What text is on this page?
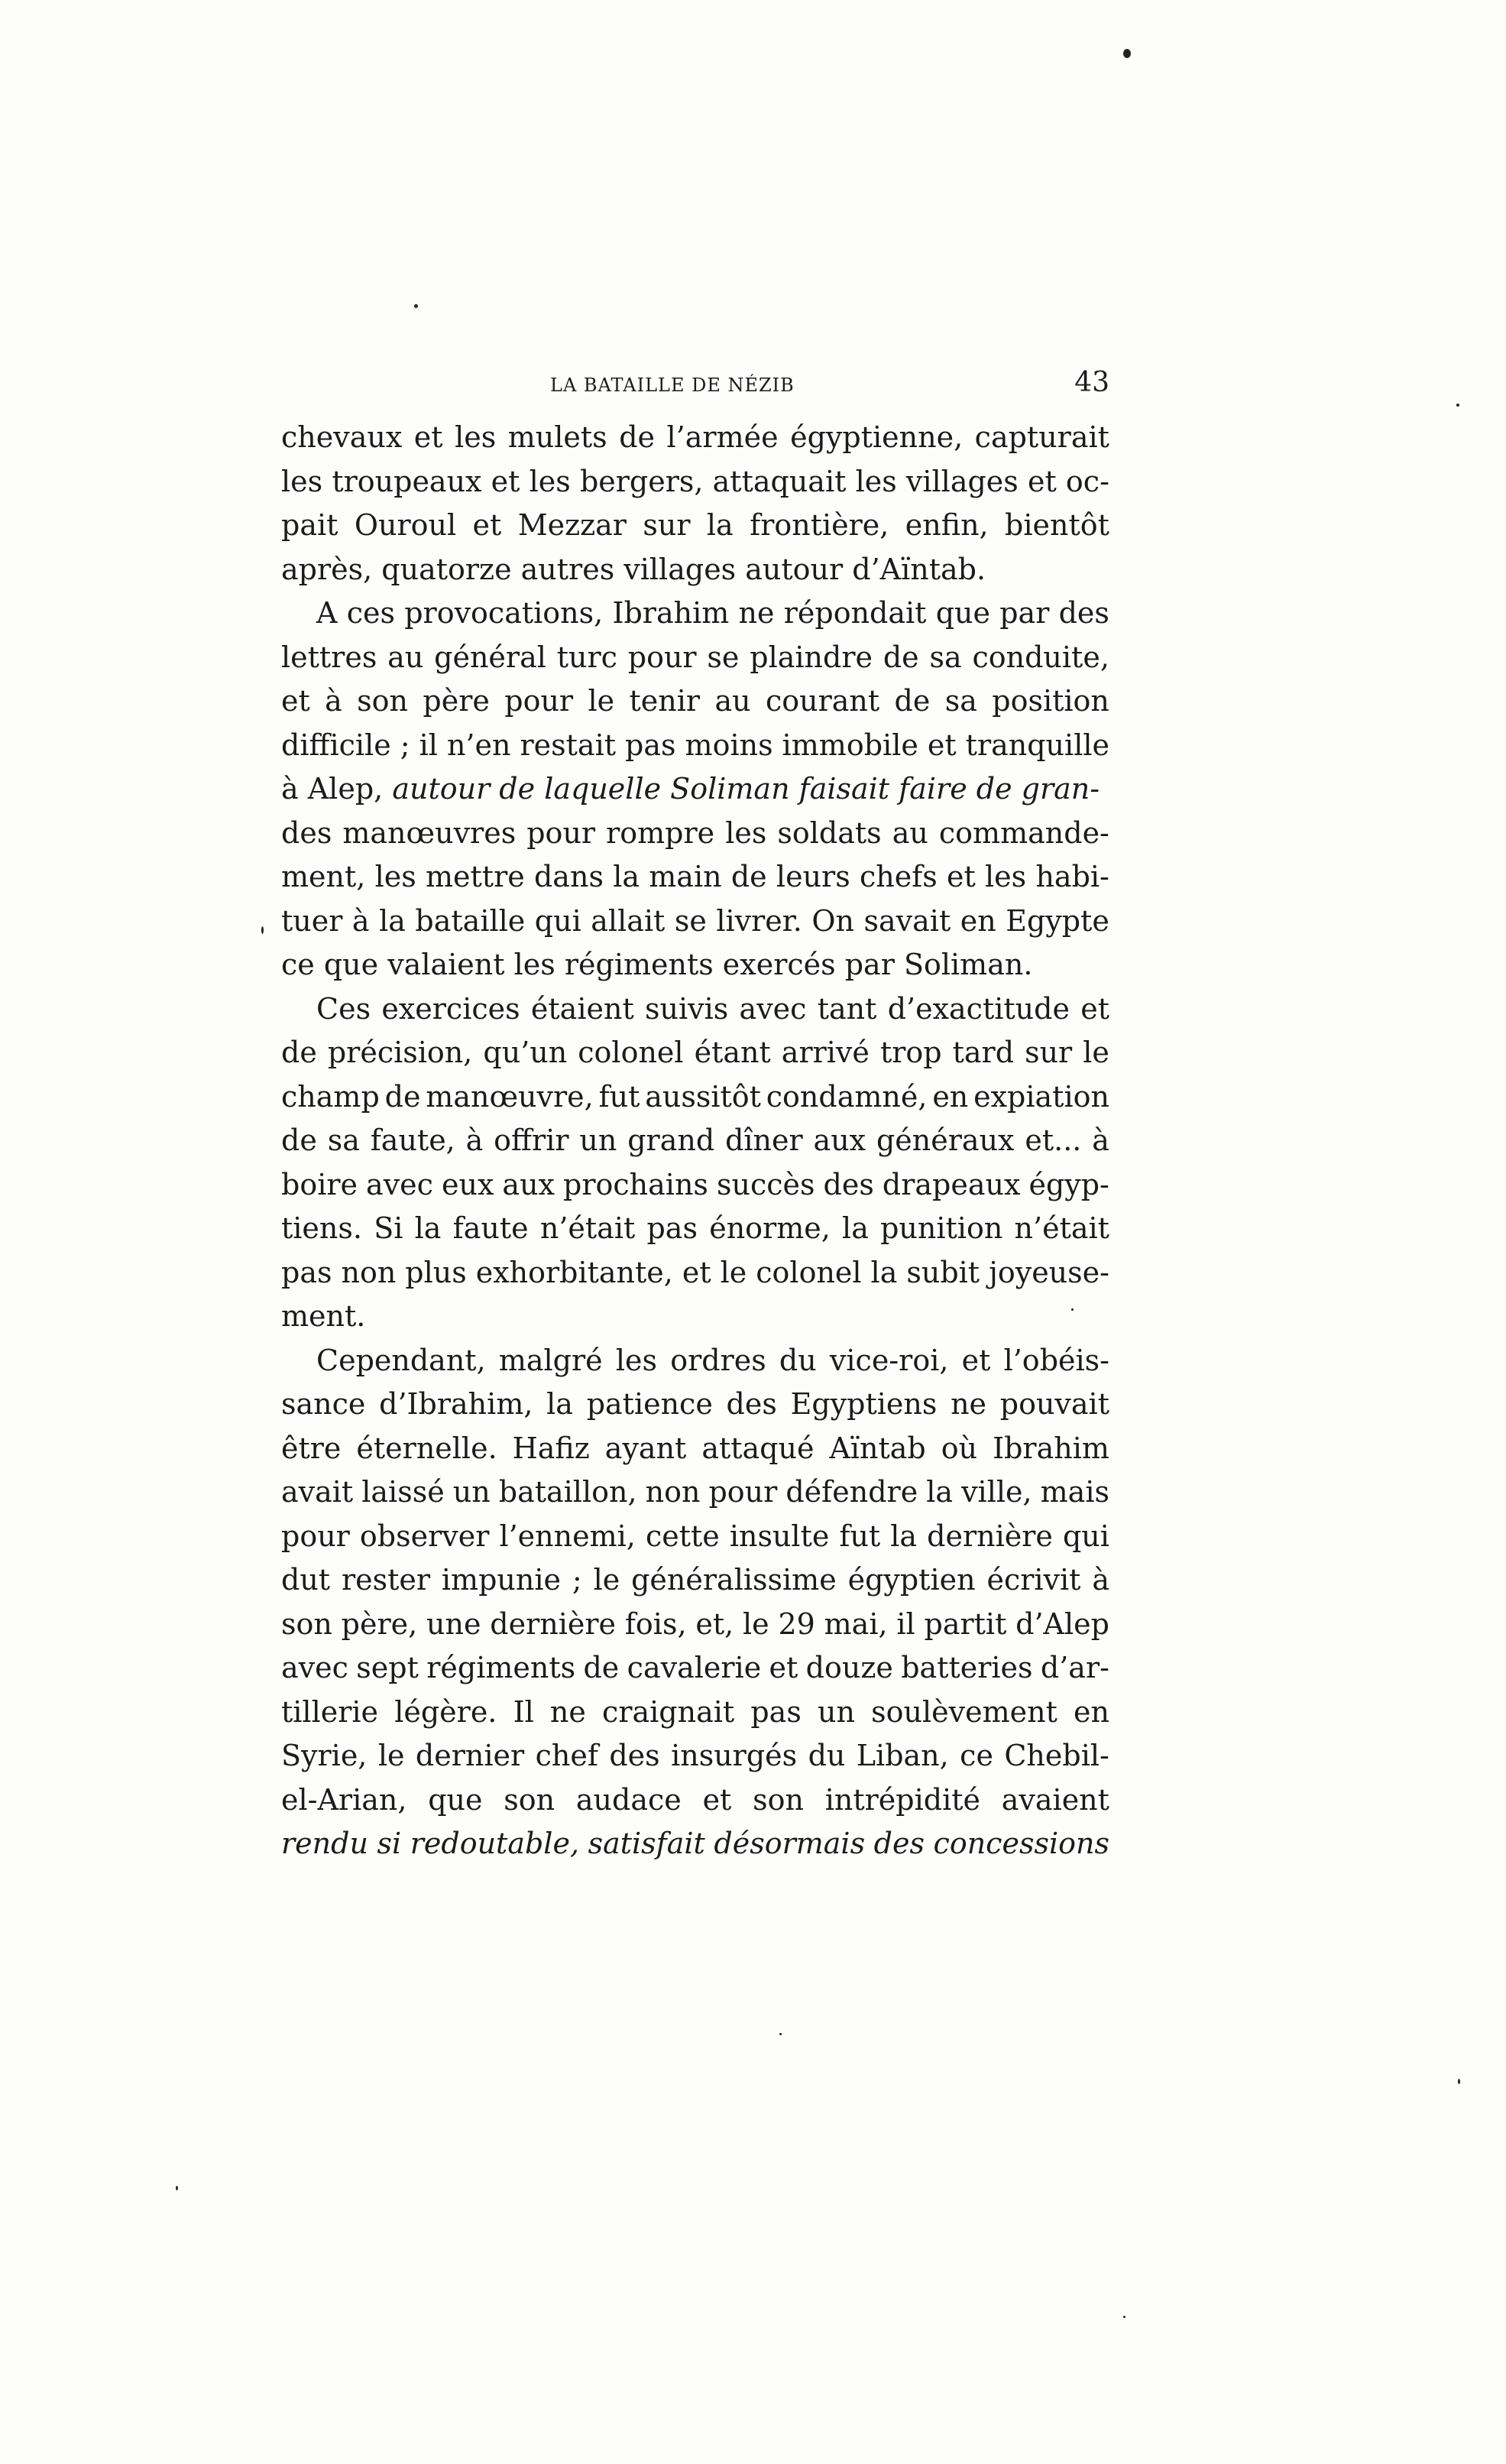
LA BATAILLE DE NÉZIB	43
chevaux et les mulets de l’armée égyptienne, capturait
les troupeaux et les bergers, attaquait les villages et oc-
pait Ouroul et Mezzar sur la frontière, enfin, bientôt
après, quatorze autres villages autour d’Aïntab.
A ces provocations, Ibrahim ne répondait que par des
lettres au général turc pour se plaindre de sa conduite,
et à son père pour le tenir au courant de sa position
difficile ; il n’en restait pas moins immobile et tranquille
à Alep, autour de laquelle Soliman faisait faire de gran-
des manœuvres pour rompre les soldats au commande-
ment, les mettre dans la main de leurs chefs et les habi-
tuer à la bataille qui allait se livrer. On savait en Egypte
ce que valaient les régiments exercés par Soliman.
Ces exercices étaient suivis avec tant d’exactitude et
de précision, qu’un colonel étant arrivé trop tard sur le
champ de manœuvre, fut aussitôt condamné, en expiation
de sa faute, à offrir un grand dîner aux généraux et... à
boire avec eux aux prochains succès des drapeaux égyp-
tiens. Si la faute n’était pas énorme, la punition n’était
pas non plus exhorbitante, et le colonel la subit joyeuse-
ment.
Cependant, malgré les ordres du vice-roi, et l’obéis-
sance d’Ibrahim, la patience des Egyptiens ne pouvait
être éternelle. Hafiz ayant attaqué Aïntab où Ibrahim
avait laissé un bataillon, non pour défendre la ville, mais
pour observer l’ennemi, cette insulte fut la dernière qui
dut rester impunie ; le généralissime égyptien écrivit à
son père, une dernière fois, et, le 29 mai, il partit d’Alep
avec sept régiments de cavalerie et douze batteries d’ar-
tillerie légère. Il ne craignait pas un soulèvement en
Syrie, le dernier chef des insurgés du Liban, ce Chebil-
el-Arian, que son audace et son intrépidité avaient
rendu si redoutable, satisfait désormais des concessions
